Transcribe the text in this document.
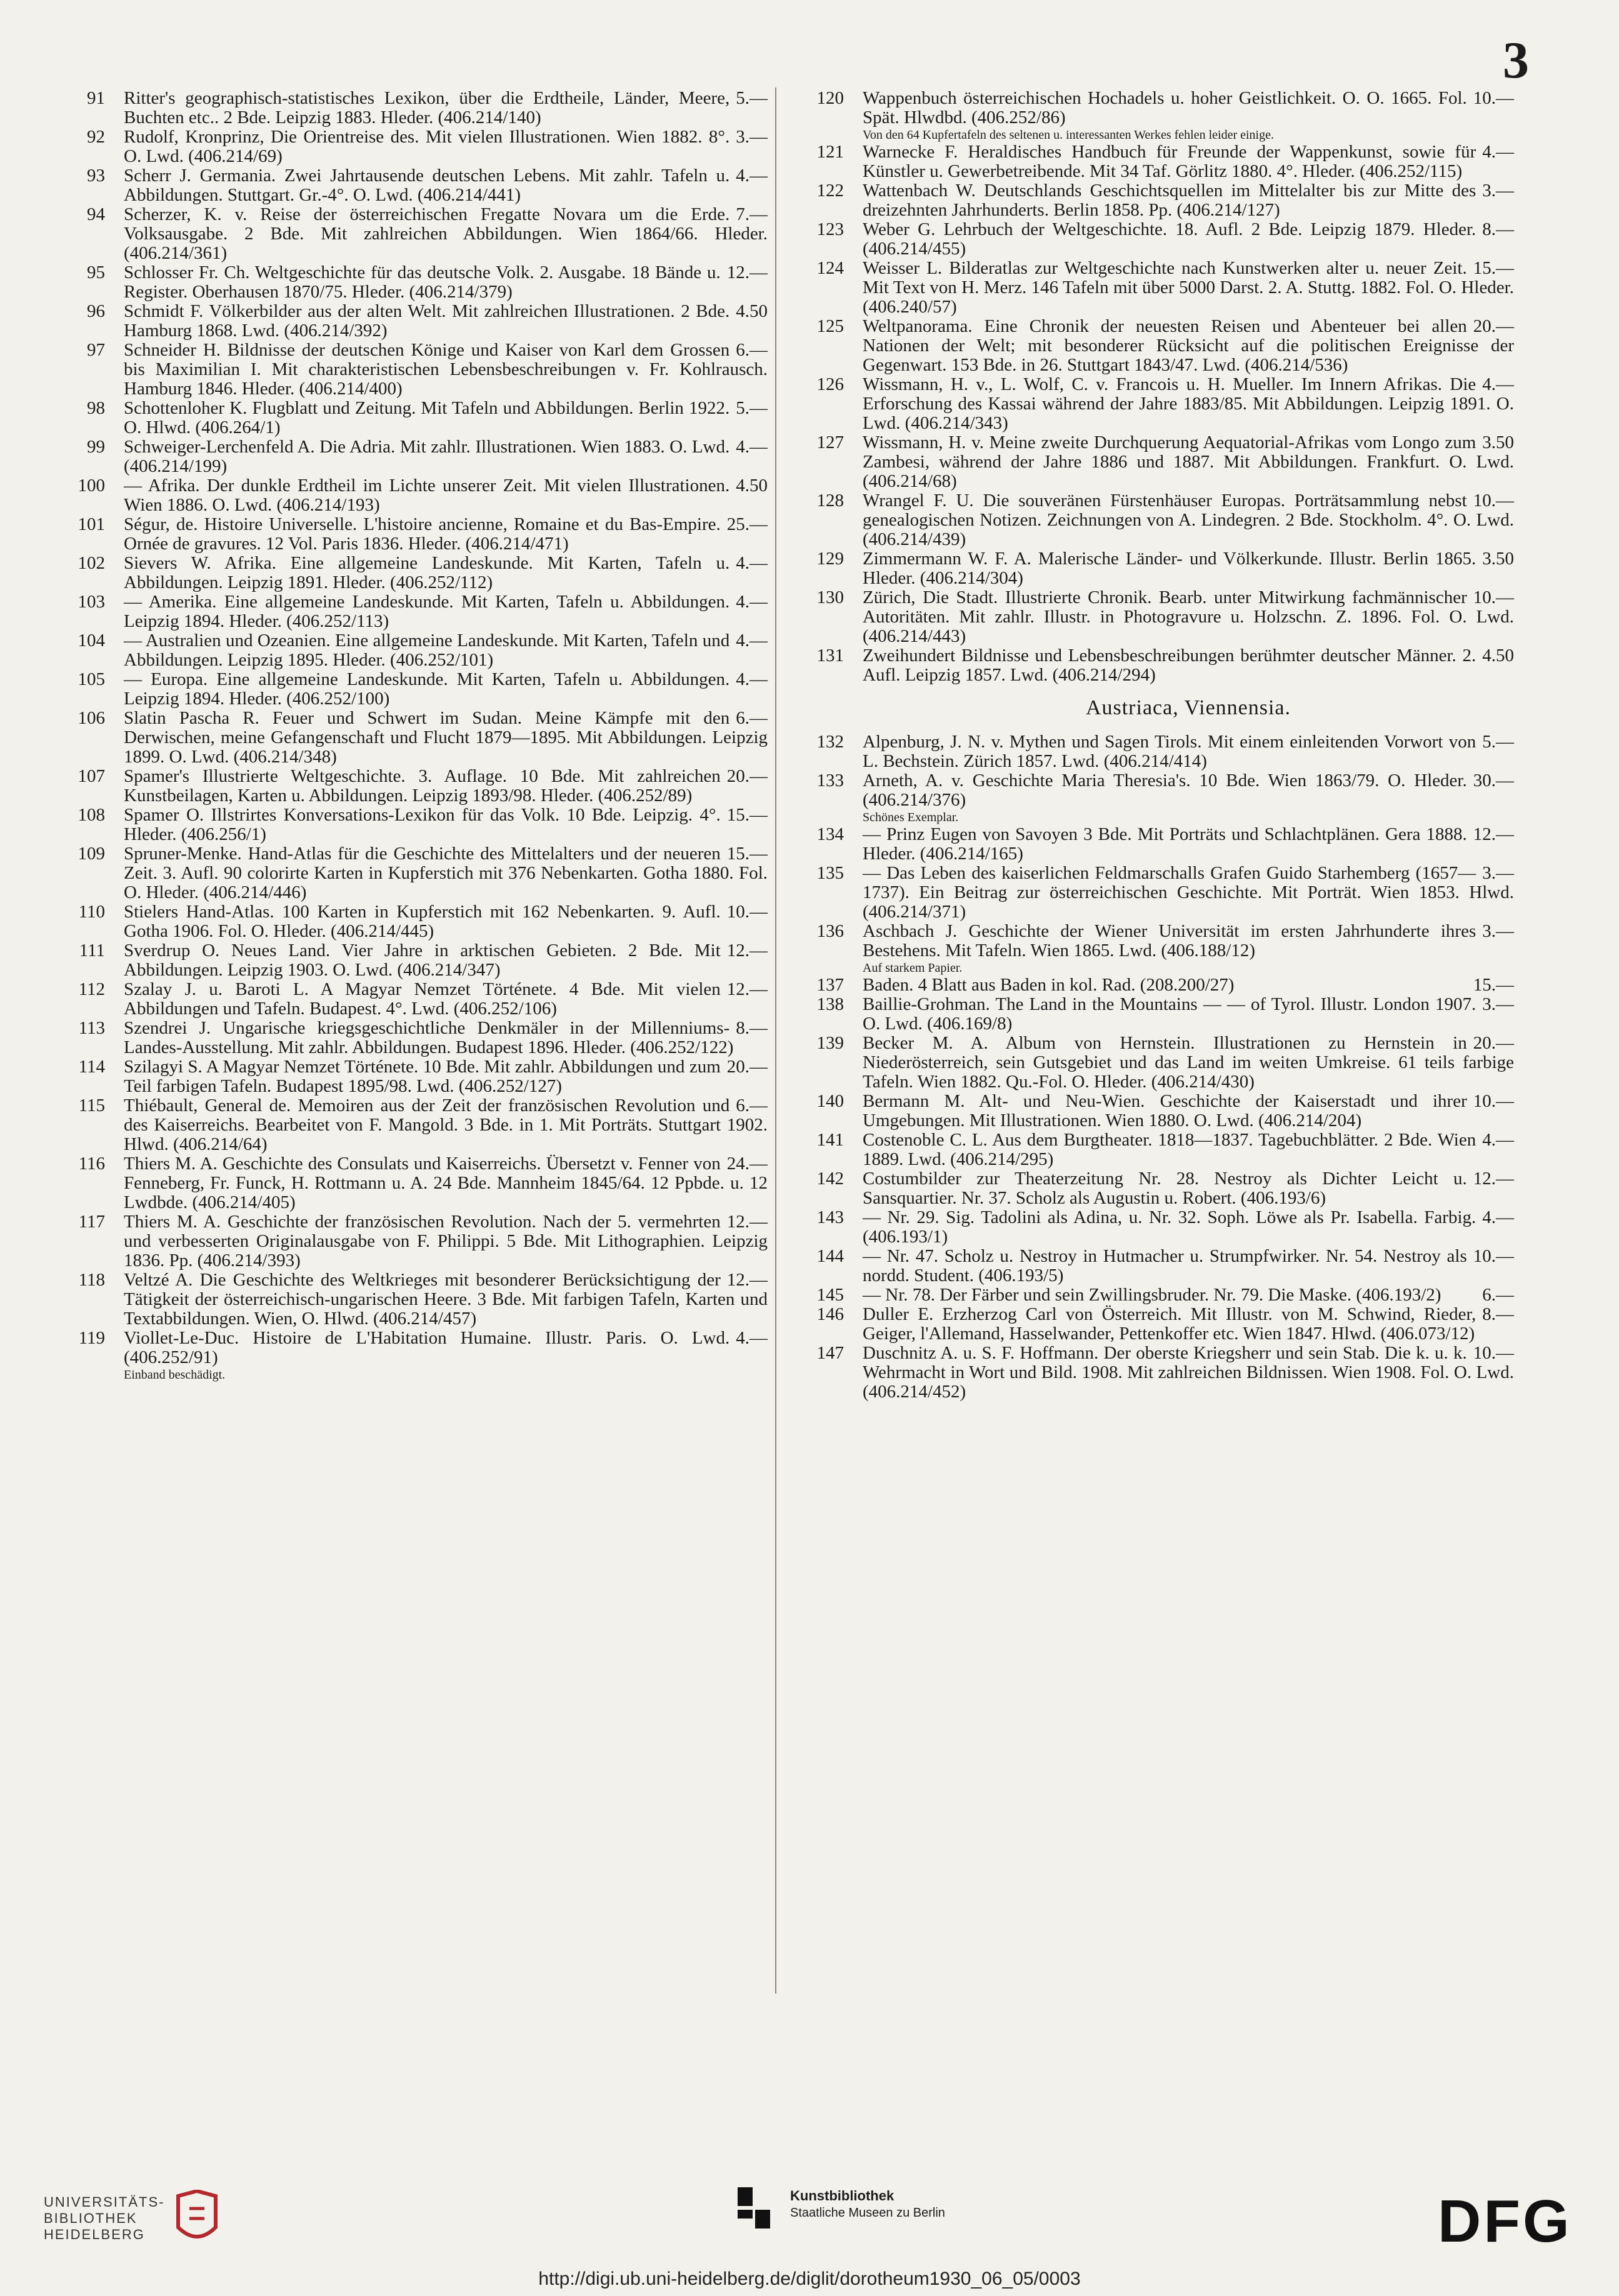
3
91	5.—
Ritter's geographisch-statistisches Lexikon, über die Erdtheile, Länder, Meere, Buchten etc.. 2 Bde. Leipzig 1883. Hleder. (406.214/140)
92	3.—
Rudolf, Kronprinz, Die Orientreise des. Mit vielen Illustrationen. Wien 1882. 8°. O. Lwd. (406.214/69)
93	4.—
Scherr J. Germania. Zwei Jahrtausende deutschen Lebens. Mit zahlr. Tafeln u. Abbildungen. Stuttgart. Gr.-4°. O. Lwd. (406.214/441)
94	7.—
Scherzer, K. v. Reise der österreichischen Fregatte Novara um die Erde. Volksausgabe. 2 Bde. Mit zahlreichen Abbildungen. Wien 1864/66. Hleder. (406.214/361)
95	12.—
Schlosser Fr. Ch. Weltgeschichte für das deutsche Volk. 2. Ausgabe. 18 Bände u. Register. Oberhausen 1870/75. Hleder. (406.214/379)
96	4.50
Schmidt F. Völkerbilder aus der alten Welt. Mit zahlreichen Illustrationen. 2 Bde. Hamburg 1868. Lwd. (406.214/392)
97	6.—
Schneider H. Bildnisse der deutschen Könige und Kaiser von Karl dem Grossen bis Maximilian I. Mit charakteristischen Lebensbeschreibungen v. Fr. Kohlrausch. Hamburg 1846. Hleder. (406.214/400)
98	5.—
Schottenloher K. Flugblatt und Zeitung. Mit Tafeln und Abbildungen. Berlin 1922. O. Hlwd. (406.264/1)
99	4.—
Schweiger-Lerchenfeld A. Die Adria. Mit zahlr. Illustrationen. Wien 1883. O. Lwd. (406.214/199)
100	4.50
— Afrika. Der dunkle Erdtheil im Lichte unserer Zeit. Mit vielen Illustrationen. Wien 1886. O. Lwd. (406.214/193)
101	25.—
Ségur, de. Histoire Universelle. L'histoire ancienne, Romaine et du Bas-Empire. Ornée de gravures. 12 Vol. Paris 1836. Hleder. (406.214/471)
102	4.—
Sievers W. Afrika. Eine allgemeine Landeskunde. Mit Karten, Tafeln u. Abbildungen. Leipzig 1891. Hleder. (406.252/112)
103	4.—
— Amerika. Eine allgemeine Landeskunde. Mit Karten, Tafeln u. Abbildungen. Leipzig 1894. Hleder. (406.252/113)
104	4.—
— Australien und Ozeanien. Eine allgemeine Landeskunde. Mit Karten, Tafeln und Abbildungen. Leipzig 1895. Hleder. (406.252/101)
105	4.—
— Europa. Eine allgemeine Landeskunde. Mit Karten, Tafeln u. Abbildungen. Leipzig 1894. Hleder. (406.252/100)
106	6.—
Slatin Pascha R. Feuer und Schwert im Sudan. Meine Kämpfe mit den Derwischen, meine Gefangenschaft und Flucht 1879—1895. Mit Abbildungen. Leipzig 1899. O. Lwd. (406.214/348)
107	20.—
Spamer's Illustrierte Weltgeschichte. 3. Auflage. 10 Bde. Mit zahlreichen Kunstbeilagen, Karten u. Abbildungen. Leipzig 1893/98. Hleder. (406.252/89)
108	15.—
Spamer O. Illstrirtes Konversations-Lexikon für das Volk. 10 Bde. Leipzig. 4°. Hleder. (406.256/1)
109	15.—
Spruner-Menke. Hand-Atlas für die Geschichte des Mittelalters und der neueren Zeit. 3. Aufl. 90 colorirte Karten in Kupferstich mit 376 Nebenkarten. Gotha 1880. Fol. O. Hleder. (406.214/446)
110	10.—
Stielers Hand-Atlas. 100 Karten in Kupferstich mit 162 Nebenkarten. 9. Aufl. Gotha 1906. Fol. O. Hleder. (406.214/445)
111	12.—
Sverdrup O. Neues Land. Vier Jahre in arktischen Gebieten. 2 Bde. Mit Abbildungen. Leipzig 1903. O. Lwd. (406.214/347)
112	12.—
Szalay J. u. Baroti L. A Magyar Nemzet Története. 4 Bde. Mit vielen Abbildungen und Tafeln. Budapest. 4°. Lwd. (406.252/106)
113	8.—
Szendrei J. Ungarische kriegsgeschichtliche Denkmäler in der Millenniums-Landes-Ausstellung. Mit zahlr. Abbildungen. Budapest 1896. Hleder. (406.252/122)
114	20.—
Szilagyi S. A Magyar Nemzet Története. 10 Bde. Mit zahlr. Abbildungen und zum Teil farbigen Tafeln. Budapest 1895/98. Lwd. (406.252/127)
115	6.—
Thiébault, General de. Memoiren aus der Zeit der französischen Revolution und des Kaiserreichs. Bearbeitet von F. Mangold. 3 Bde. in 1. Mit Porträts. Stuttgart 1902. Hlwd. (406.214/64)
116	24.—
Thiers M. A. Geschichte des Consulats und Kaiserreichs. Übersetzt v. Fenner von Fenneberg, Fr. Funck, H. Rottmann u. A. 24 Bde. Mannheim 1845/64. 12 Ppbde. u. 12 Lwdbde. (406.214/405)
117	12.—
Thiers M. A. Geschichte der französischen Revolution. Nach der 5. vermehrten und verbesserten Originalausgabe von F. Philippi. 5 Bde. Mit Lithographien. Leipzig 1836. Pp. (406.214/393)
118	12.—
Veltzé A. Die Geschichte des Weltkrieges mit besonderer Berücksichtigung der Tätigkeit der österreichisch-ungarischen Heere. 3 Bde. Mit farbigen Tafeln, Karten und Textabbildungen. Wien, O. Hlwd. (406.214/457)
119	4.—
Viollet-Le-Duc. Histoire de L'Habitation Humaine. Illustr. Paris. O. Lwd. (406.252/91)
Einband beschädigt.
120	10.—
Wappenbuch österreichischen Hochadels u. hoher Geistlichkeit. O. O. 1665. Fol. Spät. Hlwdbd. (406.252/86)
Von den 64 Kupfertafeln des seltenen u. interessanten Werkes fehlen leider einige.
121	4.—
Warnecke F. Heraldisches Handbuch für Freunde der Wappenkunst, sowie für Künstler u. Gewerbetreibende. Mit 34 Taf. Görlitz 1880. 4°. Hleder. (406.252/115)
122	3.—
Wattenbach W. Deutschlands Geschichtsquellen im Mittelalter bis zur Mitte des dreizehnten Jahrhunderts. Berlin 1858. Pp. (406.214/127)
123	8.—
Weber G. Lehrbuch der Weltgeschichte. 18. Aufl. 2 Bde. Leipzig 1879. Hleder. (406.214/455)
124	15.—
Weisser L. Bilderatlas zur Weltgeschichte nach Kunstwerken alter u. neuer Zeit. Mit Text von H. Merz. 146 Tafeln mit über 5000 Darst. 2. A. Stuttg. 1882. Fol. O. Hleder. (406.240/57)
125	20.—
Weltpanorama. Eine Chronik der neuesten Reisen und Abenteuer bei allen Nationen der Welt; mit besonderer Rücksicht auf die politischen Ereignisse der Gegenwart. 153 Bde. in 26. Stuttgart 1843/47. Lwd. (406.214/536)
126	4.—
Wissmann, H. v., L. Wolf, C. v. Francois u. H. Mueller. Im Innern Afrikas. Die Erforschung des Kassai während der Jahre 1883/85. Mit Abbildungen. Leipzig 1891. O. Lwd. (406.214/343)
127	3.50
Wissmann, H. v. Meine zweite Durchquerung Aequatorial-Afrikas vom Longo zum Zambesi, während der Jahre 1886 und 1887. Mit Abbildungen. Frankfurt. O. Lwd. (406.214/68)
128	10.—
Wrangel F. U. Die souveränen Fürstenhäuser Europas. Porträtsammlung nebst genealogischen Notizen. Zeichnungen von A. Lindegren. 2 Bde. Stockholm. 4°. O. Lwd. (406.214/439)
129	3.50
Zimmermann W. F. A. Malerische Länder- und Völkerkunde. Illustr. Berlin 1865. Hleder. (406.214/304)
130	10.—
Zürich, Die Stadt. Illustrierte Chronik. Bearb. unter Mitwirkung fachmännischer Autoritäten. Mit zahlr. Illustr. in Photogravure u. Holzschn. Z. 1896. Fol. O. Lwd. (406.214/443)
131	4.50
Zweihundert Bildnisse und Lebensbeschreibungen berühmter deutscher Männer. 2. Aufl. Leipzig 1857. Lwd. (406.214/294)
Austriaca, Viennensia.
132	5.—
Alpenburg, J. N. v. Mythen und Sagen Tirols. Mit einem einleitenden Vorwort von L. Bechstein. Zürich 1857. Lwd. (406.214/414)
133	30.—
Arneth, A. v. Geschichte Maria Theresia's. 10 Bde. Wien 1863/79. O. Hleder. (406.214/376)
Schönes Exemplar.
134	12.—
— Prinz Eugen von Savoyen 3 Bde. Mit Porträts und Schlachtplänen. Gera 1888. Hleder. (406.214/165)
135	3.—
— Das Leben des kaiserlichen Feldmarschalls Grafen Guido Starhemberg (1657—1737). Ein Beitrag zur österreichischen Geschichte. Mit Porträt. Wien 1853. Hlwd. (406.214/371)
136	3.—
Aschbach J. Geschichte der Wiener Universität im ersten Jahrhunderte ihres Bestehens. Mit Tafeln. Wien 1865. Lwd. (406.188/12)
Auf starkem Papier.
137	15.—
Baden. 4 Blatt aus Baden in kol. Rad. (208.200/27)
138	3.—
Baillie-Grohman. The Land in the Mountains — — of Tyrol. Illustr. London 1907. O. Lwd. (406.169/8)
139	20.—
Becker M. A. Album von Hernstein. Illustrationen zu Hernstein in Niederösterreich, sein Gutsgebiet und das Land im weiten Umkreise. 61 teils farbige Tafeln. Wien 1882. Qu.-Fol. O. Hleder. (406.214/430)
140	10.—
Bermann M. Alt- und Neu-Wien. Geschichte der Kaiserstadt und ihrer Umgebungen. Mit Illustrationen. Wien 1880. O. Lwd. (406.214/204)
141	4.—
Costenoble C. L. Aus dem Burgtheater. 1818—1837. Tagebuchblätter. 2 Bde. Wien 1889. Lwd. (406.214/295)
142	12.—
Costumbilder zur Theaterzeitung Nr. 28. Nestroy als Dichter Leicht u. Sansquartier. Nr. 37. Scholz als Augustin u. Robert. (406.193/6)
143	4.—
— Nr. 29. Sig. Tadolini als Adina, u. Nr. 32. Soph. Löwe als Pr. Isabella. Farbig. (406.193/1)
144	10.—
— Nr. 47. Scholz u. Nestroy in Hutmacher u. Strumpfwirker. Nr. 54. Nestroy als nordd. Student. (406.193/5)
145	6.—
— Nr. 78. Der Färber und sein Zwillingsbruder. Nr. 79. Die Maske. (406.193/2)
146	8.—
Duller E. Erzherzog Carl von Österreich. Mit Illustr. von M. Schwind, Rieder, Geiger, l'Allemand, Hasselwander, Pettenkoffer etc. Wien 1847. Hlwd. (406.073/12)
147	10.—
Duschnitz A. u. S. F. Hoffmann. Der oberste Kriegsherr und sein Stab. Die k. u. k. Wehrmacht in Wort und Bild. 1908. Mit zahlreichen Bildnissen. Wien 1908. Fol. O. Lwd. (406.214/452)
UNIVERSITÄTS-
BIBLIOTHEK
HEIDELBERG
Kunstbibliothek
Staatliche Museen zu Berlin	DFG
http://digi.ub.uni-heidelberg.de/diglit/dorotheum1930_06_05/0003
